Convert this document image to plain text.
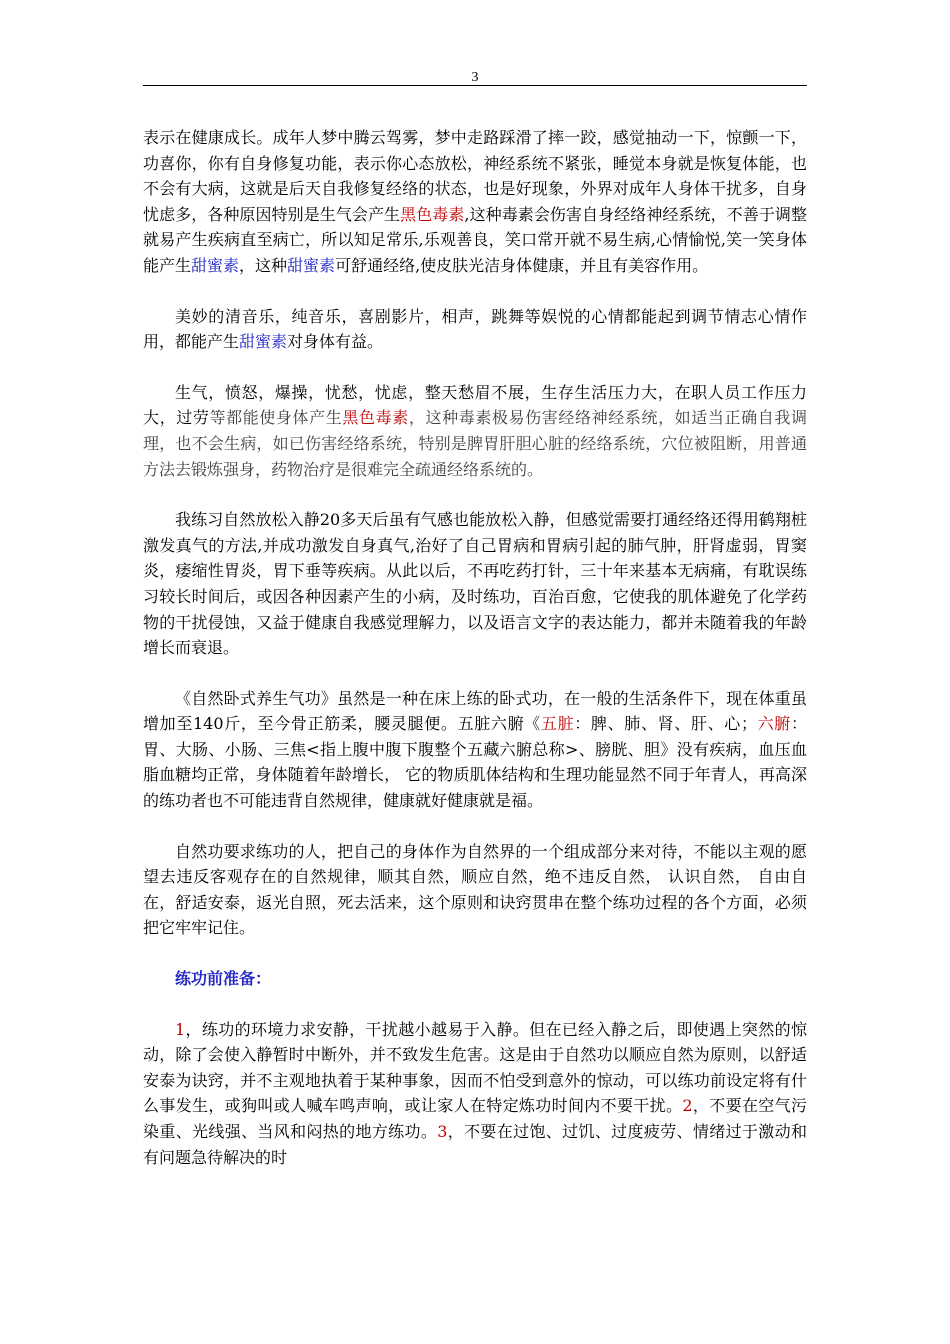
3

表示在健康成长。成年人梦中腾云驾雾，梦中走路踩滑了摔一跤，感觉抽动一下，惊颤一下，功喜你，你有自身修复功能，表示你心态放松，神经系统不紧张，睡觉本身就是恢复体能，也不会有大病，这就是后天自我修复经络的状态，也是好现象，外界对成年人身体干扰多，自身忧虑多，各种原因特别是生气会产生黑色毒素,这种毒素会伤害自身经络神经系统，不善于调整就易产生疾病直至病亡，所以知足常乐,乐观善良，笑口常开就不易生病,心情愉悦,笑一笑身体能产生甜蜜素，这种甜蜜素可舒通经络,使皮肤光洁身体健康，并且有美容作用。

美妙的清音乐，纯音乐，喜剧影片，相声，跳舞等娱悦的心情都能起到调节情志心情作用，都能产生甜蜜素对身体有益。

生气，愤怒，爆操，忧愁，忧虑，整天愁眉不展，生存生活压力大，在职人员工作压力大，过劳等都能使身体产生黑色毒素，这种毒素极易伤害经络神经系统，如适当正确自我调理，也不会生病，如已伤害经络系统，特别是脾胃肝胆心脏的经络系统，穴位被阻断，用普通方法去锻炼强身，药物治疗是很难完全疏通经络系统的。

我练习自然放松入静20多天后虽有气感也能放松入静，但感觉需要打通经络还得用鹤翔桩激发真气的方法,并成功激发自身真气,治好了自己胃病和胃病引起的肺气肿，肝肾虚弱，胃窦炎，痿缩性胃炎，胃下垂等疾病。从此以后，不再吃药打针，三十年来基本无病痛，有耽误练习较长时间后，或因各种因素产生的小病，及时练功，百治百愈，它使我的肌体避免了化学药物的干扰侵蚀，又益于健康自我感觉理解力，以及语言文字的表达能力，都并未随着我的年龄增长而衰退。

《自然卧式养生气功》虽然是一种在床上练的卧式功，在一般的生活条件下，现在体重虽增加至140斤，至今骨正筋柔，腰灵腿便。五脏六腑《五脏：脾、肺、肾、肝、心；六腑：胃、大肠、小肠、三焦<指上腹中腹下腹整个五藏六腑总称>、膀胱、胆》没有疾病，血压血脂血糖均正常，身体随着年龄增长， 它的物质肌体结构和生理功能显然不同于年青人，再高深的练功者也不可能违背自然规律，健康就好健康就是福。

自然功要求练功的人，把自己的身体作为自然界的一个组成部分来对待，不能以主观的愿望去违反客观存在的自然规律，顺其自然，顺应自然，绝不违反自然， 认识自然， 自由自在，舒适安泰，返光自照，死去活来，这个原则和诀窍贯串在整个练功过程的各个方面，必须把它牢牢记住。

练功前准备：

1，练功的环境力求安静，干扰越小越易于入静。但在已经入静之后，即使遇上突然的惊动，除了会使入静暂时中断外，并不致发生危害。这是由于自然功以顺应自然为原则，以舒适安泰为诀窍，并不主观地执着于某种事象，因而不怕受到意外的惊动，可以练功前设定将有什么事发生，或狗叫或人喊车鸣声响，或让家人在特定炼功时间内不要干扰。2，不要在空气污染重、光线强、当风和闷热的地方练功。3，不要在过饱、过饥、过度疲劳、情绪过于激动和有问题急待解决的时
